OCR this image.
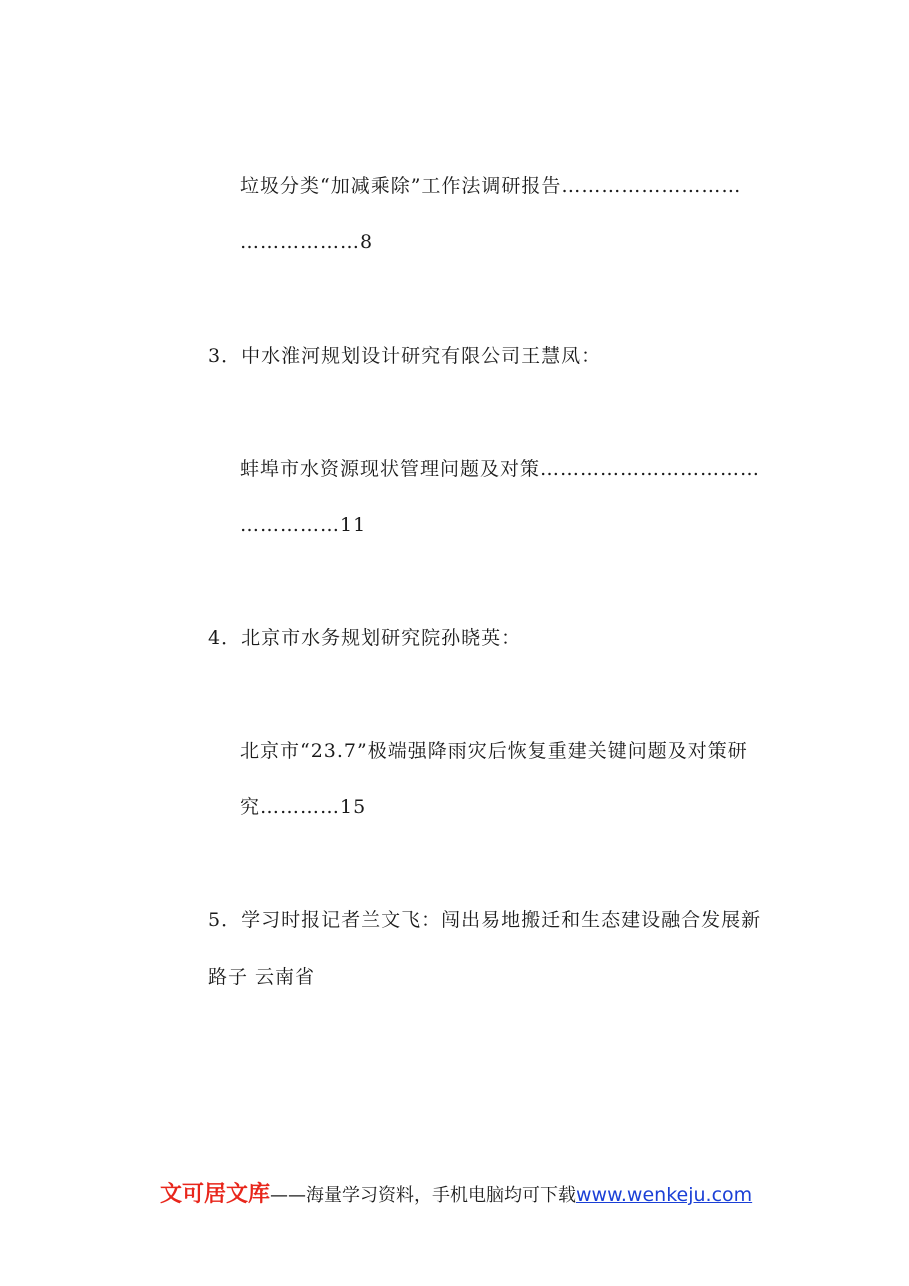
垃圾分类“加减乘除”工作法调研报告………………………
………………8
3．中水淮河规划设计研究有限公司王慧凤：
蚌埠市水资源现状管理问题及对策……………………………
……………11
4．北京市水务规划研究院孙晓英：
北京市“23.7”极端强降雨灾后恢复重建关键问题及对策研
究…………15
5．学习时报记者兰文飞：闯出易地搬迁和生态建设融合发展新
路子 云南省
文可居文库——海量学习资料，手机电脑均可下载www.wenkeju.com
